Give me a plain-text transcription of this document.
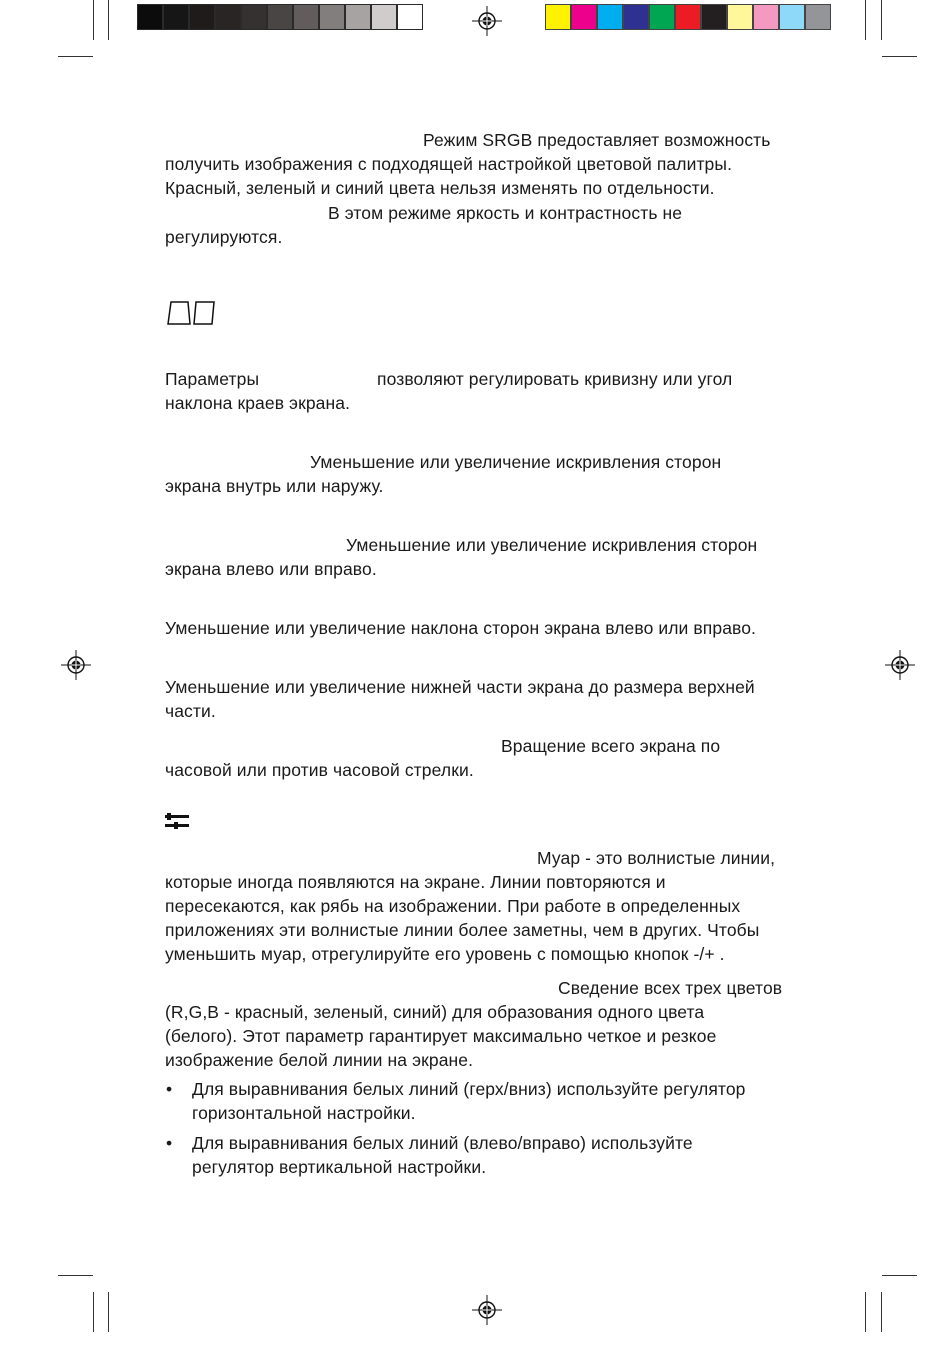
Режим SRGB предоставляет возможность
получить изображения с подходящей настройкой цветовой палитры.
Красный, зеленый и синий цвета нельзя изменять по отдельности.
В этом режиме яркость и контрастность не
регулируются.
Параметры	позволяют регулировать кривизну или угол
наклона краев экрана.
Уменьшение или увеличение искривления сторон
экрана внутрь или наружу.
Уменьшение или увеличение искривления сторон
экрана влево или вправо.
Уменьшение или увеличение наклона сторон экрана влево или вправо.
Уменьшение или увеличение нижней части экрана до размера верхней
части.
Вращение всего экрана по
часовой или против часовой стрелки.
Муар - это волнистые линии,
которые иногда появляются на экране. Линии повторяются и
пересекаются, как рябь на изображении. При работе в определенных
приложениях эти волнистые линии более заметны, чем в других. Чтобы
уменьшить муар, отрегулируйте его уровень с помощью кнопок -/+ .
Сведение всех трех цветов
(R,G,B - красный, зеленый, синий) для образования одного цвета
(белого). Этот параметр гарантирует максимально четкое и резкое
изображение белой линии на экране.
• Для выравнивания белых линий (герх/вниз) используйте регулятор
горизонтальной настройки.
• Для выравнивания белых линий (влево/вправо) используйте
регулятор вертикальной настройки.
